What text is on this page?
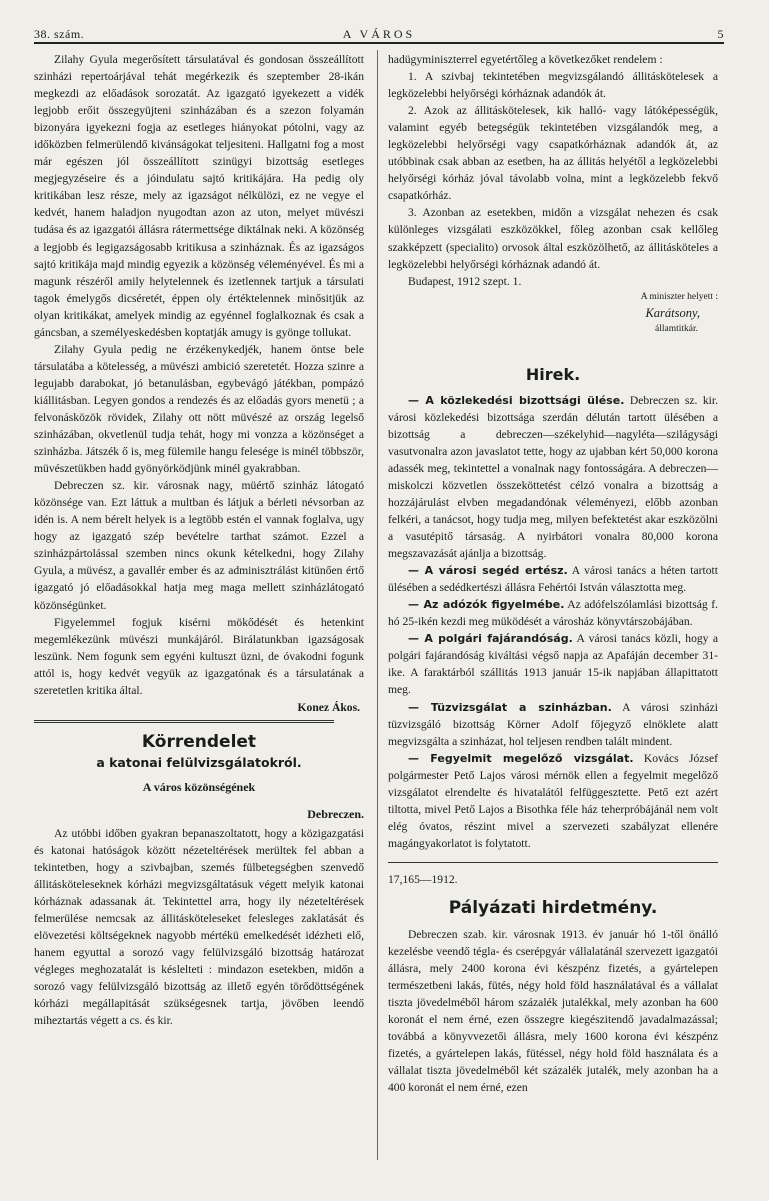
38. szám.	A VÁROS	5

Zilahy Gyula megerősített társulatával és gondosan összeállított szinházi repertoárjával tehát megérkezik és szeptember 28-ikán megkezdi az előadások sorozatát. Az igazgató igyekezett a vidék legjobb erőit összegyüjteni szinházában és a szezon folyamán bizonyára igyekezni fogja az esetleges hiányokat pótolni, vagy az időközben felmerülendő kivánságokat teljesiteni. Hallgatni fog a most már egészen jól összeállított szinügyi bizottság esetleges megjegyzéseire és a jóindulatu sajtó kritikájára. Ha pedig oly kritikában lesz része, mely az igazságot nélkülözi, ez ne vegye el kedvét, hanem haladjon nyugodtan azon az uton, melyet müvészi tudása és az igazgatói állásra rátermettsége diktálnak neki. A közönség a legjobb és legigazságosabb kritikusa a szinháznak. És az igazságos sajtó kritikája majd mindig egyezik a közönség véleményével. És mi a magunk részéről amily helytelennek és izetlennek tartjuk a társulati tagok émelygős dicséretét, éppen oly értéktelennek minősitjük az olyan kritikákat, amelyek mindig az egyénnel foglalkoznak és csak a gáncsban, a személyeskedésben koptatják amugy is gyönge tollukat.

Zilahy Gyula pedig ne érzékenykedjék, hanem öntse bele társulatába a kötelesség, a müvészi ambició szeretetét. Hozza szinre a legujabb darabokat, jó betanulásban, egybevágó játékban, pompázó kiállitásban. Legyen gondos a rendezés és az előadás gyors menetü ; a felvonásközök rövidek, Zilahy ott nött müvészé az ország legelső szinházában, okvetlenül tudja tehát, hogy mi vonzza a közönséget a szinházba. Játszék ő is, meg fülemile hangu felesége is minél többször, müvészetükben hadd gyönyörködjünk minél gyakrabban.

Debreczen sz. kir. városnak nagy, müértő szinház látogató közönsége van. Ezt láttuk a multban és látjuk a bérleti névsorban az idén is. A nem bérelt helyek is a legtöbb estén el vannak foglalva, ugy hogy az igazgató szép bevételre tarthat számot. Ezzel a szinházpártolással szemben nincs okunk kételkedni, hogy Zilahy Gyula, a müvész, a gavallér ember és az adminisztrálást kitünően értő igazgató jó előadásokkal hatja meg maga mellett szinházlátogató közönségünket.

Figyelemmel fogjuk kisérni mökődését és hetenkint megemlékezünk müvészi munkájáról. Birálatunkban igazságosak leszünk. Nem fogunk sem egyéni kultuszt üzni, de óvakodni fogunk attól is, hogy kedvét vegyük az igazgatónak és a társulatának a szeretetlen kritika által.

Konez Ákos.

Körrendelet
a katonai felülvizsgálatokról.
A város közönségének
Debreczen.

Az utóbbi időben gyakran bepanaszoltatott, hogy a közigazgatási és katonai hatóságok között nézeteltérések merültek fel abban a tekintetben, hogy a szivbajban, szemés fülbetegségben szenvedő állitásköteleseknek kórházi megvizsgáltatásuk végett melyik katonai kórháznak adassanak át. Tekintettel arra, hogy ily nézeteltérések felmerülése nemcsak az állitásköteleseket felesleges zaklatását és elövezetési költségeknek nagyobb mértékü emelkedését idézheti elő, hanem egyuttal a sorozó vagy felülvizsgáló bizottság határozat végleges meghozatalát is késlelteti : mindazon esetekben, midőn a sorozó vagy felülvizsgáló bizottság az illető egyén törődöttségének kórházi megállapitását szükségesnek tartja, jövőben leendő miheztartás végett a cs. és kir.

hadügyminiszterrel egyetértőleg a következőket rendelem :

1. A szivbaj tekintetében megvizsgálandó állitáskötelesek a legközelebbi helyőrségi kórháznak adandók át.

2. Azok az állitáskötelesek, kik halló- vagy látóképességük, valamint egyéb betegségük tekintetében vizsgálandók meg, a legközelebbi helyőrségi vagy csapatkórháznak adandók át, az utóbbinak csak abban az esetben, ha az állitás helyétől a legközelebbi helyőrségi kórház jóval távolabb volna, mint a legközelebb fekvő csapatkórház.

3. Azonban az esetekben, midőn a vizsgálat nehezen és csak különleges vizsgálati eszközökkel, főleg azonban csak kellőleg szakképzett (specialito) orvosok által eszközölhető, az állitásköteles a legközelebbi helyőrségi kórháznak adandó át.

Budapest, 1912 szept. 1.

A miniszter helyett :
Karátsony,
államtitkár.
Hirek.

— A közlekedési bizottsági ülése. Debreczen sz. kir. városi közlekedési bizottsága szerdán délután tartott ülésében a bizottság a debreczen—székelyhid—nagyléta—szilágysági vasutvonalra azon javaslatot tette, hogy az ujabban kért 50,000 korona adassék meg, tekintettel a vonalnak nagy fontosságára. A debreczen—miskolczi közvetlen összeköttetést célzó vonalra a bizottság a hozzájárulást elvben megadandónak véleményezi, előbb azonban felkéri, a tanácsot, hogy tudja meg, milyen befektetést akar eszközölni a vasutépitő társaság. A nyirbátori vonalra 80,000 korona megszavazását ajánlja a bizottság.

— A városi segéd ertész. A városi tanács a héten tartott ülésében a sedédkertészi állásra Fehértói István választotta meg.

— Az adózók figyelmébe. Az adófelszólamlási bizottság f. hó 25-ikén kezdi meg müködését a városház könyvtárszobájában.

— A polgári fajárandóság. A városi tanács közli, hogy a polgári fajárandóság kiváltási végső napja az Apafáján december 31-ike. A faraktárból szállitás 1913 január 15-ik napjában állapittatott meg.

— Tüzvizsgálat a szinházban. A városi szinházi tüzvizsgáló bizottság Körner Adolf főjegyző elnöklete alatt megvizsgálta a szinházat, hol teljesen rendben talált mindent.

— Fegyelmit megelőző vizsgálat. Kovács József polgármester Pető Lajos városi mérnök ellen a fegyelmit megelőző vizsgálatot elrendelte és hivatalától felfüggesztette. Pető ezt azért tiltotta, mivel Pető Lajos a Bisothka féle ház teherpróbájánál nem volt elég óvatos, részint mivel a szervezeti szabályzat ellenére magángyakorlatot is folytatott.

17,165—1912.

Pályázati hirdetmény.

Debreczen szab. kir. városnak 1913. év január hó 1-től önálló kezelésbe veendő tégla- és cserépgyár vállalatánál szervezett igazgatói állásra, mely 2400 korona évi készpénz fizetés, a gyártelepen természetbeni lakás, fütés, négy hold föld használatával és a vállalat tiszta jövedelméből három százalék jutalékkal, mely azonban ha 600 koronát el nem érné, ezen összegre kiegészitendő javadalmazással; továbbá a könyvvezetői állásra, mely 1600 korona évi készpénz fizetés, a gyártelepen lakás, fütéssel, négy hold föld használata és a vállalat tiszta jövedelméből két százalék jutalék, mely azonban ha a 400 koronát el nem érné, ezen
